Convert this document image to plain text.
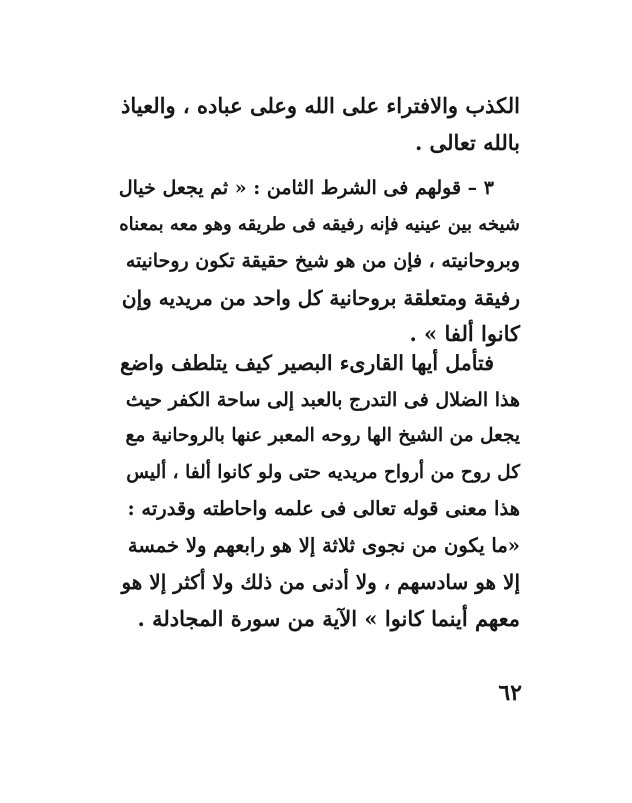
الكذب والافتراء على الله وعلى عباده ، والعياذ
بالله تعالى .
٣ – قولهم فى الشرط الثامن : « ثم يجعل خيال
شيخه بين عينيه فإنه رفيقه فى طريقه وهو معه بمعناه
وبروحانيته ، فإن من هو شيخ حقيقة تكون روحانيته
رفيقة ومتعلقة بروحانية كل واحد من مريديه وإن
كانوا ألفا » .
فتأمل أيها القارىء البصير كيف يتلطف واضع
هذا الضلال فى التدرج بالعبد إلى ساحة الكفر حيث
يجعل من الشيخ الها روحه المعبر عنها بالروحانية مع
كل روح من أرواح مريديه حتى ولو كانوا ألفا ، أليس
هذا معنى قوله تعالى فى علمه واحاطته وقدرته :
«ما يكون من نجوى ثلاثة إلا هو رابعهم ولا خمسة
إلا هو سادسهم ، ولا أدنى من ذلك ولا أكثر إلا هو
معهم أينما كانوا » الآية من سورة المجادلة .
٦٢
